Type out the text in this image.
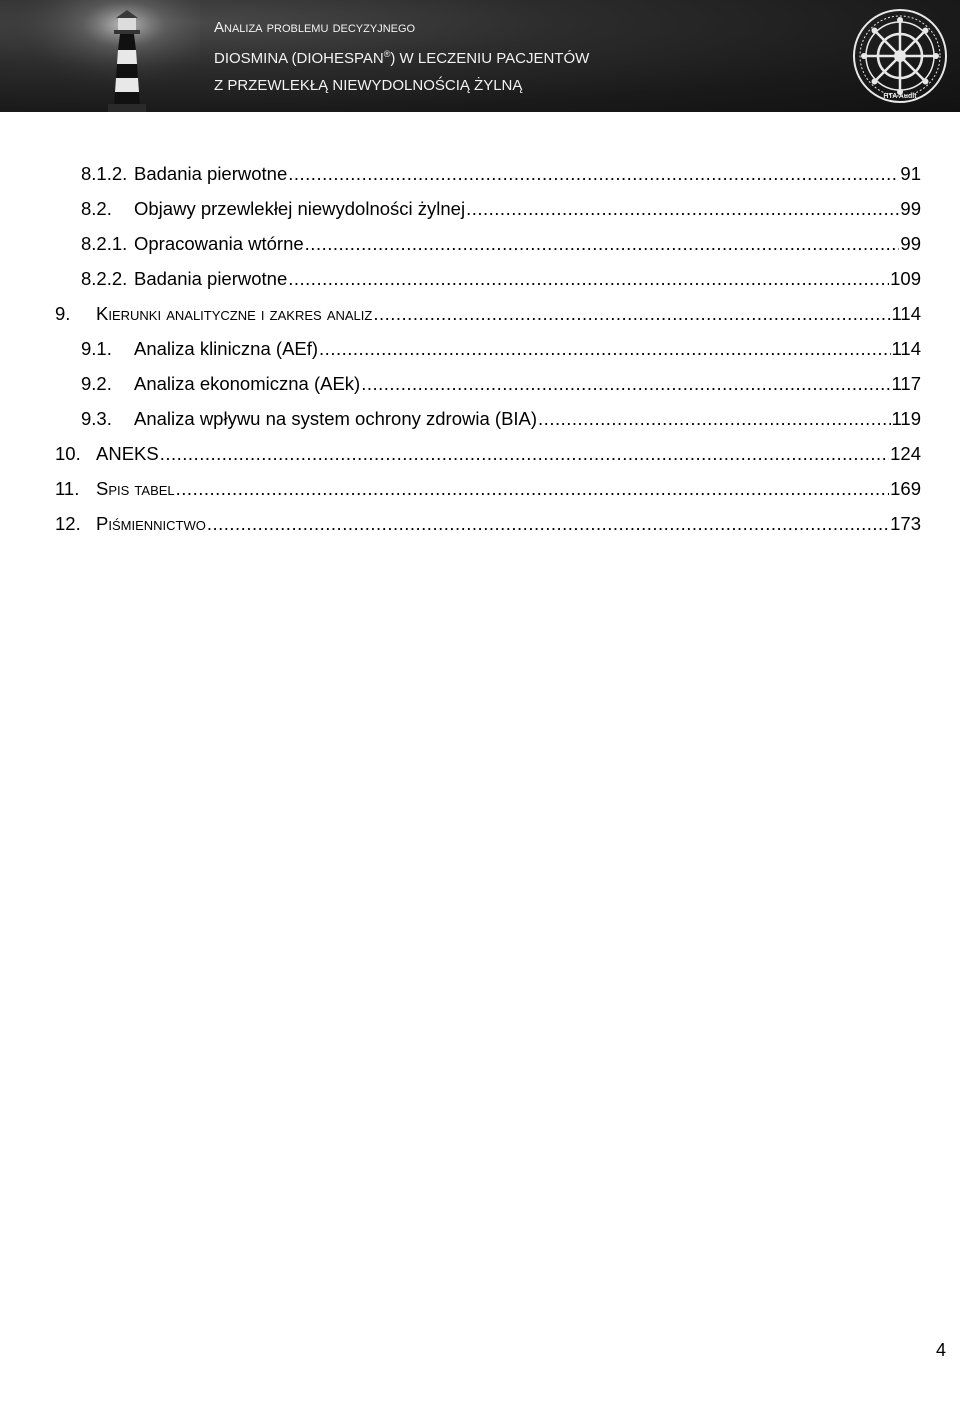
Analiza problemu decyzyjnego
DIOSMINA (DIOHESPAN®) W LECZENIU PACJENTÓW
Z PRZEWLEKŁĄ NIEWYDOLNOŚCIĄ ŻYLNĄ
HTA Audit
8.1.2. Badania pierwotne .....	91
8.2.	Objawy przewlekłej niewydolności żylnej .....	99
8.2.1. Opracowania wtórne .....	99
8.2.2. Badania pierwotne .....	109
9.	Kierunki analityczne i zakres analiz .....	114
9.1.	Analiza kliniczna (AEf) .....	114
9.2.	Analiza ekonomiczna (AEk) .....	117
9.3.	Analiza wpływu na system ochrony zdrowia (BIA) .....	119
10. ANEKS .....	124
11. Spis tabel .....	169
12. Piśmiennictwo .....	173
4
HTA Audit Stabrawa, Łanda Sp.j.
Adres do korespondencji: ul. Starowiślna 8/2, 31-032 Kraków
tel. 12/42 22 381, e-mail: stabrawa@htaaudit.eu, landa@htaaudit.eu
